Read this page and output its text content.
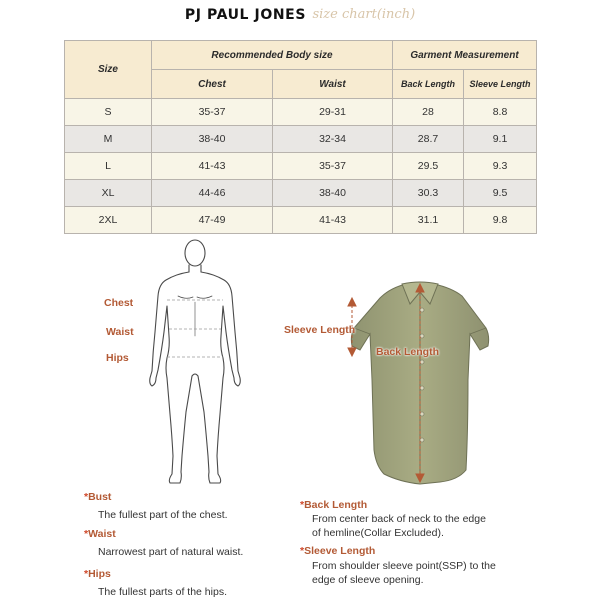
PJ PAUL JONES size chart(inch)
Size	Recommended Body size		Garment Measurement	
	Chest	Waist	Back Length	Sleeve Length
S	35-37	29-31	28	8.8
M	38-40	32-34	28.7	9.1
L	41-43	35-37	29.5	9.3
XL	44-46	38-40	30.3	9.5
2XL	47-49	41-43	31.1	9.8
Chest
Waist
Hips
Sleeve Length
Back Length
*Bust
The fullest part of the chest.
*Waist
Narrowest part of natural waist.
*Hips
The fullest parts of the hips.
*Back Length
From center back of neck to the edge
of hemline(Collar Excluded).
*Sleeve Length
From shoulder sleeve point(SSP) to the
edge of sleeve opening.
